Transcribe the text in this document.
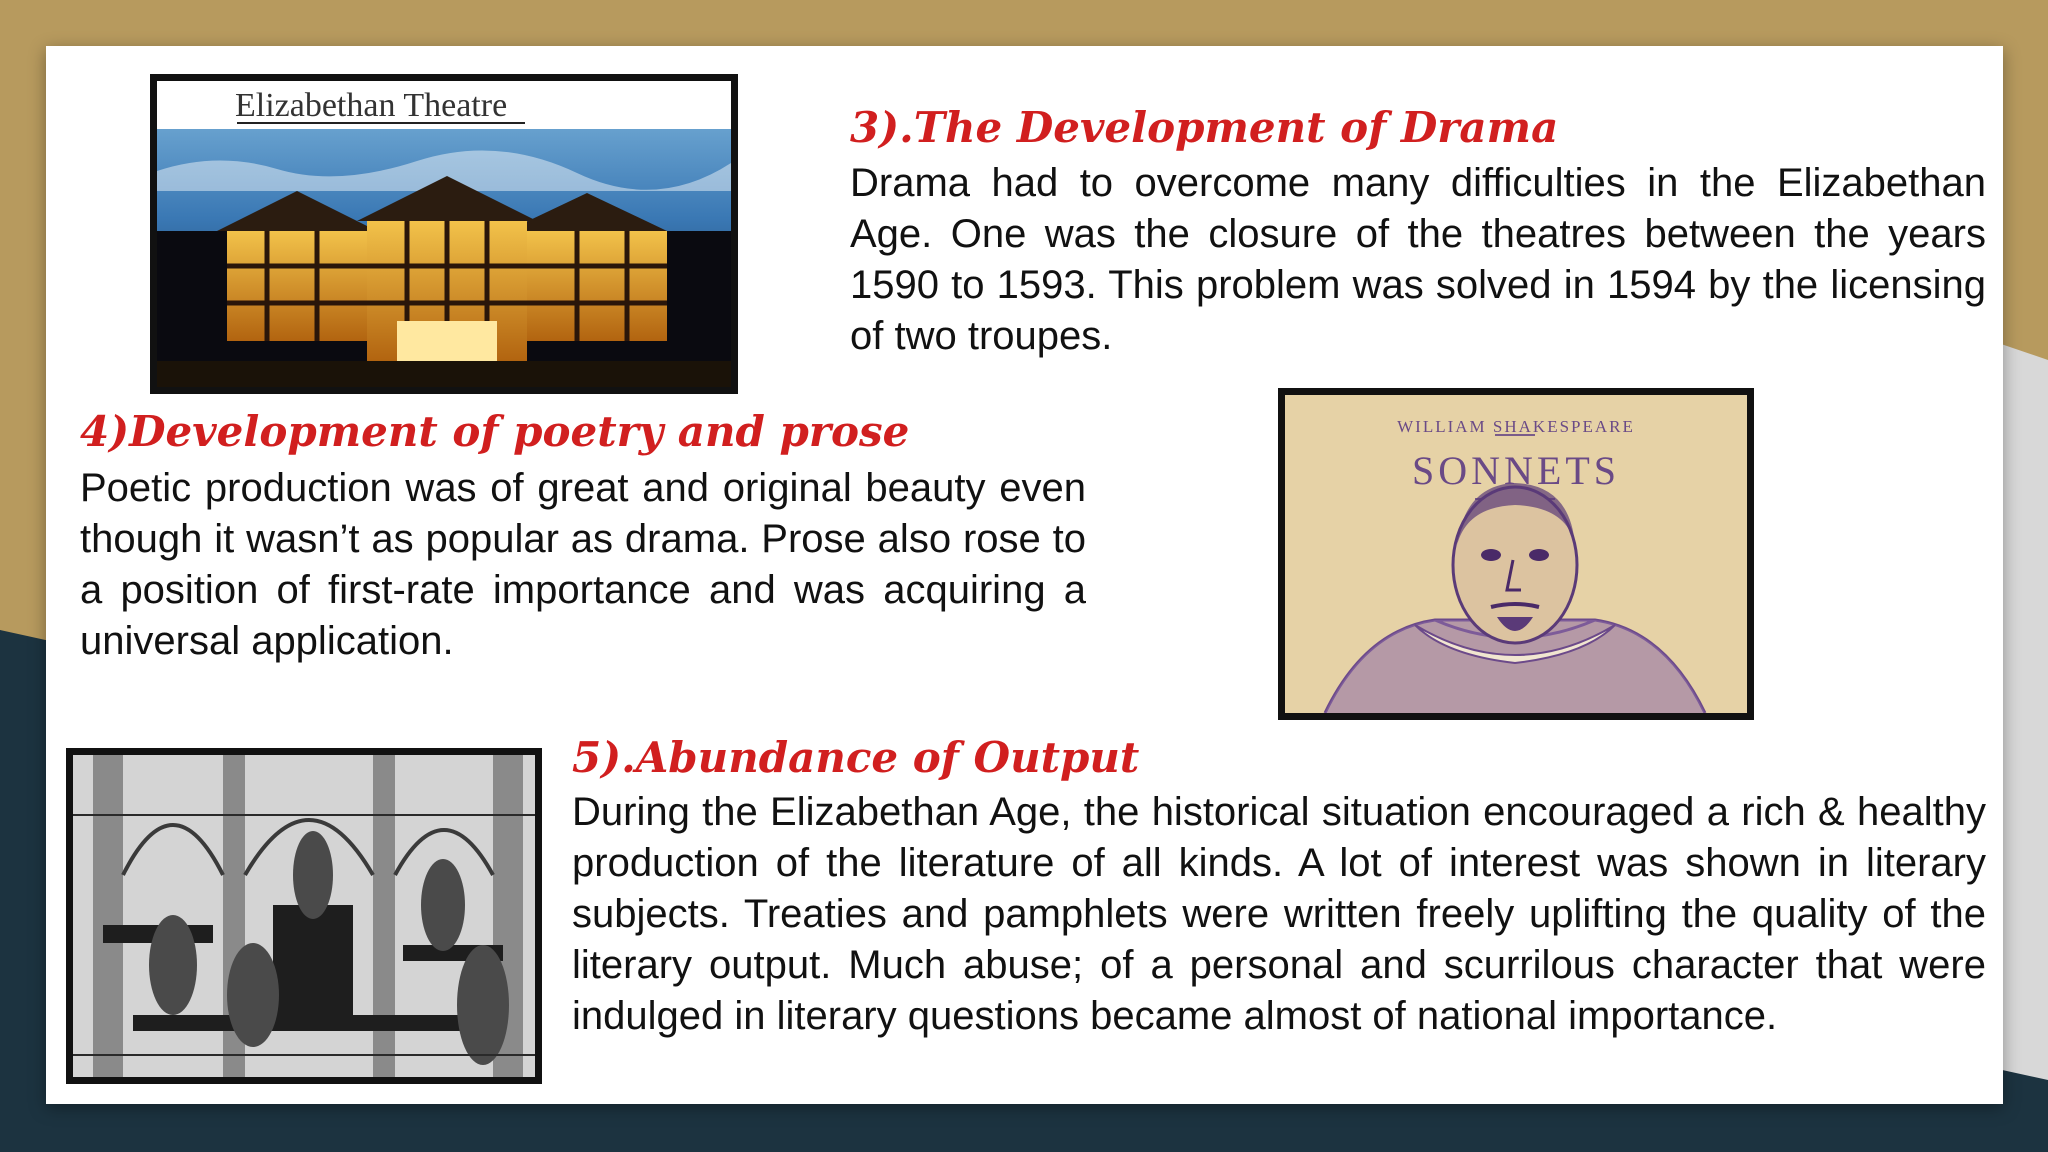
Elizabethan Theatre	3).The Development of Drama

Drama had to overcome many difficulties in the Elizabethan Age. One was the closure of the theatres between the years 1590 to 1593. This problem was solved in 1594 by the licensing of two troupes.

4)Development of poetry and prose

Poetic production was of great and original beauty even though it wasn’t as popular as drama. Prose also rose to a position of first-rate importance and was acquiring a universal application.

WILLIAM SHAKESPEARE
SONNETS
5).Abundance of Output

During the Elizabethan Age, the historical situation encouraged a rich & healthy production of the literature of all kinds. A lot of interest was shown in literary subjects. Treaties and pamphlets were written freely uplifting the quality of the literary output. Much abuse; of a personal and scurrilous character that were indulged in literary questions became almost of national importance.
